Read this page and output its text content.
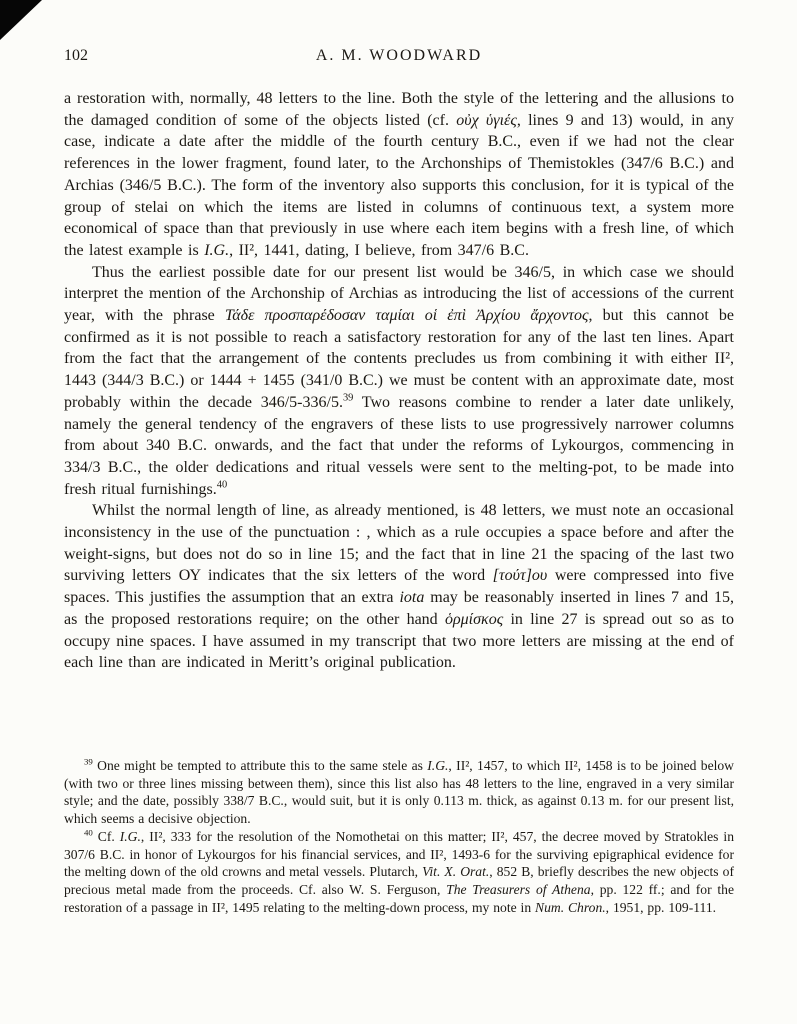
102	A. M. WOODWARD

a restoration with, normally, 48 letters to the line. Both the style of the lettering and the allusions to the damaged condition of some of the objects listed (cf. οὐχ ὑγιές, lines 9 and 13) would, in any case, indicate a date after the middle of the fourth century B.C., even if we had not the clear references in the lower fragment, found later, to the Archonships of Themistokles (347/6 B.C.) and Archias (346/5 B.C.). The form of the inventory also supports this conclusion, for it is typical of the group of stelai on which the items are listed in columns of continuous text, a system more economical of space than that previously in use where each item begins with a fresh line, of which the latest example is I.G., II², 1441, dating, I believe, from 347/6 B.C.

Thus the earliest possible date for our present list would be 346/5, in which case we should interpret the mention of the Archonship of Archias as introducing the list of accessions of the current year, with the phrase Τάδε προσπαρέδοσαν ταμίαι οἱ ἐπὶ Ἀρχίου ἄρχοντος, but this cannot be confirmed as it is not possible to reach a satisfactory restoration for any of the last ten lines. Apart from the fact that the arrangement of the contents precludes us from combining it with either II², 1443 (344/3 B.C.) or 1444 + 1455 (341/0 B.C.) we must be content with an approximate date, most probably within the decade 346/5-336/5.39 Two reasons combine to render a later date unlikely, namely the general tendency of the engravers of these lists to use progressively narrower columns from about 340 B.C. onwards, and the fact that under the reforms of Lykourgos, commencing in 334/3 B.C., the older dedications and ritual vessels were sent to the melting-pot, to be made into fresh ritual furnishings.$^{40}$

Whilst the normal length of line, as already mentioned, is 48 letters, we must note an occasional inconsistency in the use of the punctuation : , which as a rule occupies a space before and after the weight-signs, but does not do so in line 15; and the fact that in line 21 the spacing of the last two surviving letters ΟΥ indicates that the six letters of the word [τούτ]ου were compressed into five spaces. This justifies the assumption that an extra iota may be reasonably inserted in lines 7 and 15, as the proposed restorations require; on the other hand ὁρμίσκος in line 27 is spread out so as to occupy nine spaces. I have assumed in my transcript that two more letters are missing at the end of each line than are indicated in Meritt’s original publication.

$^{39}$ One might be tempted to attribute this to the same stele as I.G., II², 1457, to which II², 1458 is to be joined below (with two or three lines missing between them), since this list also has 48 letters to the line, engraved in a very similar style; and the date, possibly 338/7 B.C., would suit, but it is only 0.113 m. thick, as against 0.13 m. for our present list, which seems a decisive objection.

$^{40}$ Cf. I.G., II², 333 for the resolution of the Nomothetai on this matter; II², 457, the decree moved by Stratokles in 307/6 B.C. in honor of Lykourgos for his financial services, and II², 1493-6 for the surviving epigraphical evidence for the melting down of the old crowns and metal vessels. Plutarch, Vit. X. Orat., 852 B, briefly describes the new objects of precious metal made from the proceeds. Cf. also W. S. Ferguson, The Treasurers of Athena, pp. 122 ff.; and for the restoration of a passage in II², 1495 relating to the melting-down process, my note in Num. Chron., 1951, pp. 109-111.
